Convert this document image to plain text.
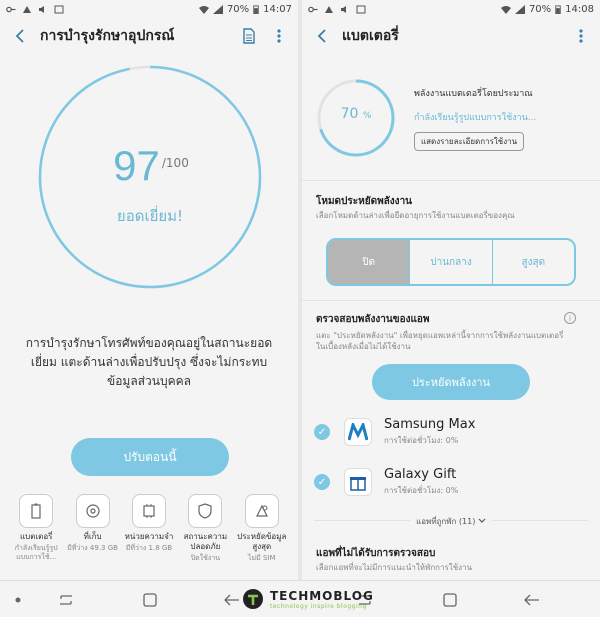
70% 14:07
การบำรุงรักษาอุปกรณ์
97 /100
ยอดเยี่ยม!
การบำรุงรักษาโทรศัพท์ของคุณอยู่ในสถานะยอดเยี่ยม แตะด้านล่างเพื่อปรับปรุง ซึ่งจะไม่กระทบข้อมูลส่วนบุคคล
ปรับตอนนี้
แบตเตอรี่
กำลังเรียนรู้รูปแบบการใช้...
ที่เก็บ
มีที่ว่าง 49.3 GB
หน่วยความจำ
มีที่ว่าง 1.8 GB
สถานะความปลอดภัย
ปิดใช้งาน
ประหยัดข้อมูลสูงสุด
ไม่มี SIM
70% 14:08
แบตเตอรี่
70 %
พลังงานแบตเตอรี่โดยประมาณ
กำลังเรียนรู้รูปแบบการใช้งาน...
แสดงรายละเอียดการใช้งาน
โหมดประหยัดพลังงาน
เลือกโหมดด้านล่างเพื่อยืดอายุการใช้งานแบตเตอรี่ของคุณ
ปิด	ปานกลาง	สูงสุด
ตรวจสอบพลังงานของแอพ	i
แตะ "ประหยัดพลังงาน" เพื่อหยุดแอพเหล่านี้จากการใช้พลังงานแบตเตอรี่ในเบื้องหลังเมื่อไม่ได้ใช้งาน
ประหยัดพลังงาน
✓	Samsung Max
การใช้ต่อชั่วโมง: 0%
✓	Galaxy Gift
การใช้ต่อชั่วโมง: 0%
แอพที่ถูกพัก (11)
แอพที่ไม่ได้รับการตรวจสอบ
เลือกแอพที่จะไม่มีการแนะนำให้พักการใช้งาน
TECHMOBLOG
technology inspire blogging
